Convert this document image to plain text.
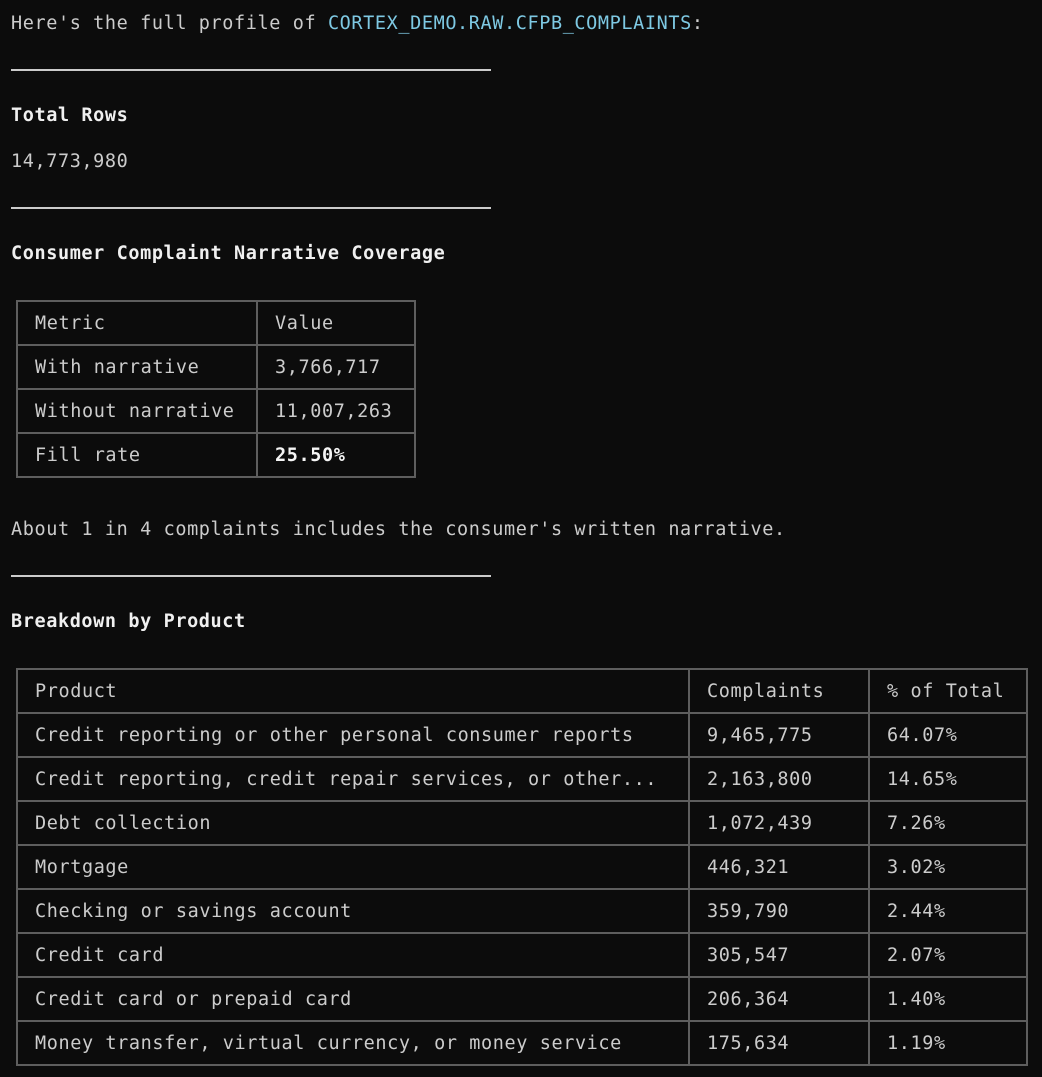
Here's the full profile of CORTEX_DEMO.RAW.CFPB_COMPLAINTS:
Total Rows
14,773,980
Consumer Complaint Narrative Coverage
Metric	Value
With narrative	3,766,717
Without narrative	11,007,263
Fill rate	25.50%
About 1 in 4 complaints includes the consumer's written narrative.
Breakdown by Product
Product	Complaints	% of Total
Credit reporting or other personal consumer reports	9,465,775	64.07%
Credit reporting, credit repair services, or other...	2,163,800	14.65%
Debt collection	1,072,439	7.26%
Mortgage	446,321	3.02%
Checking or savings account	359,790	2.44%
Credit card	305,547	2.07%
Credit card or prepaid card	206,364	1.40%
Money transfer, virtual currency, or money service	175,634	1.19%
